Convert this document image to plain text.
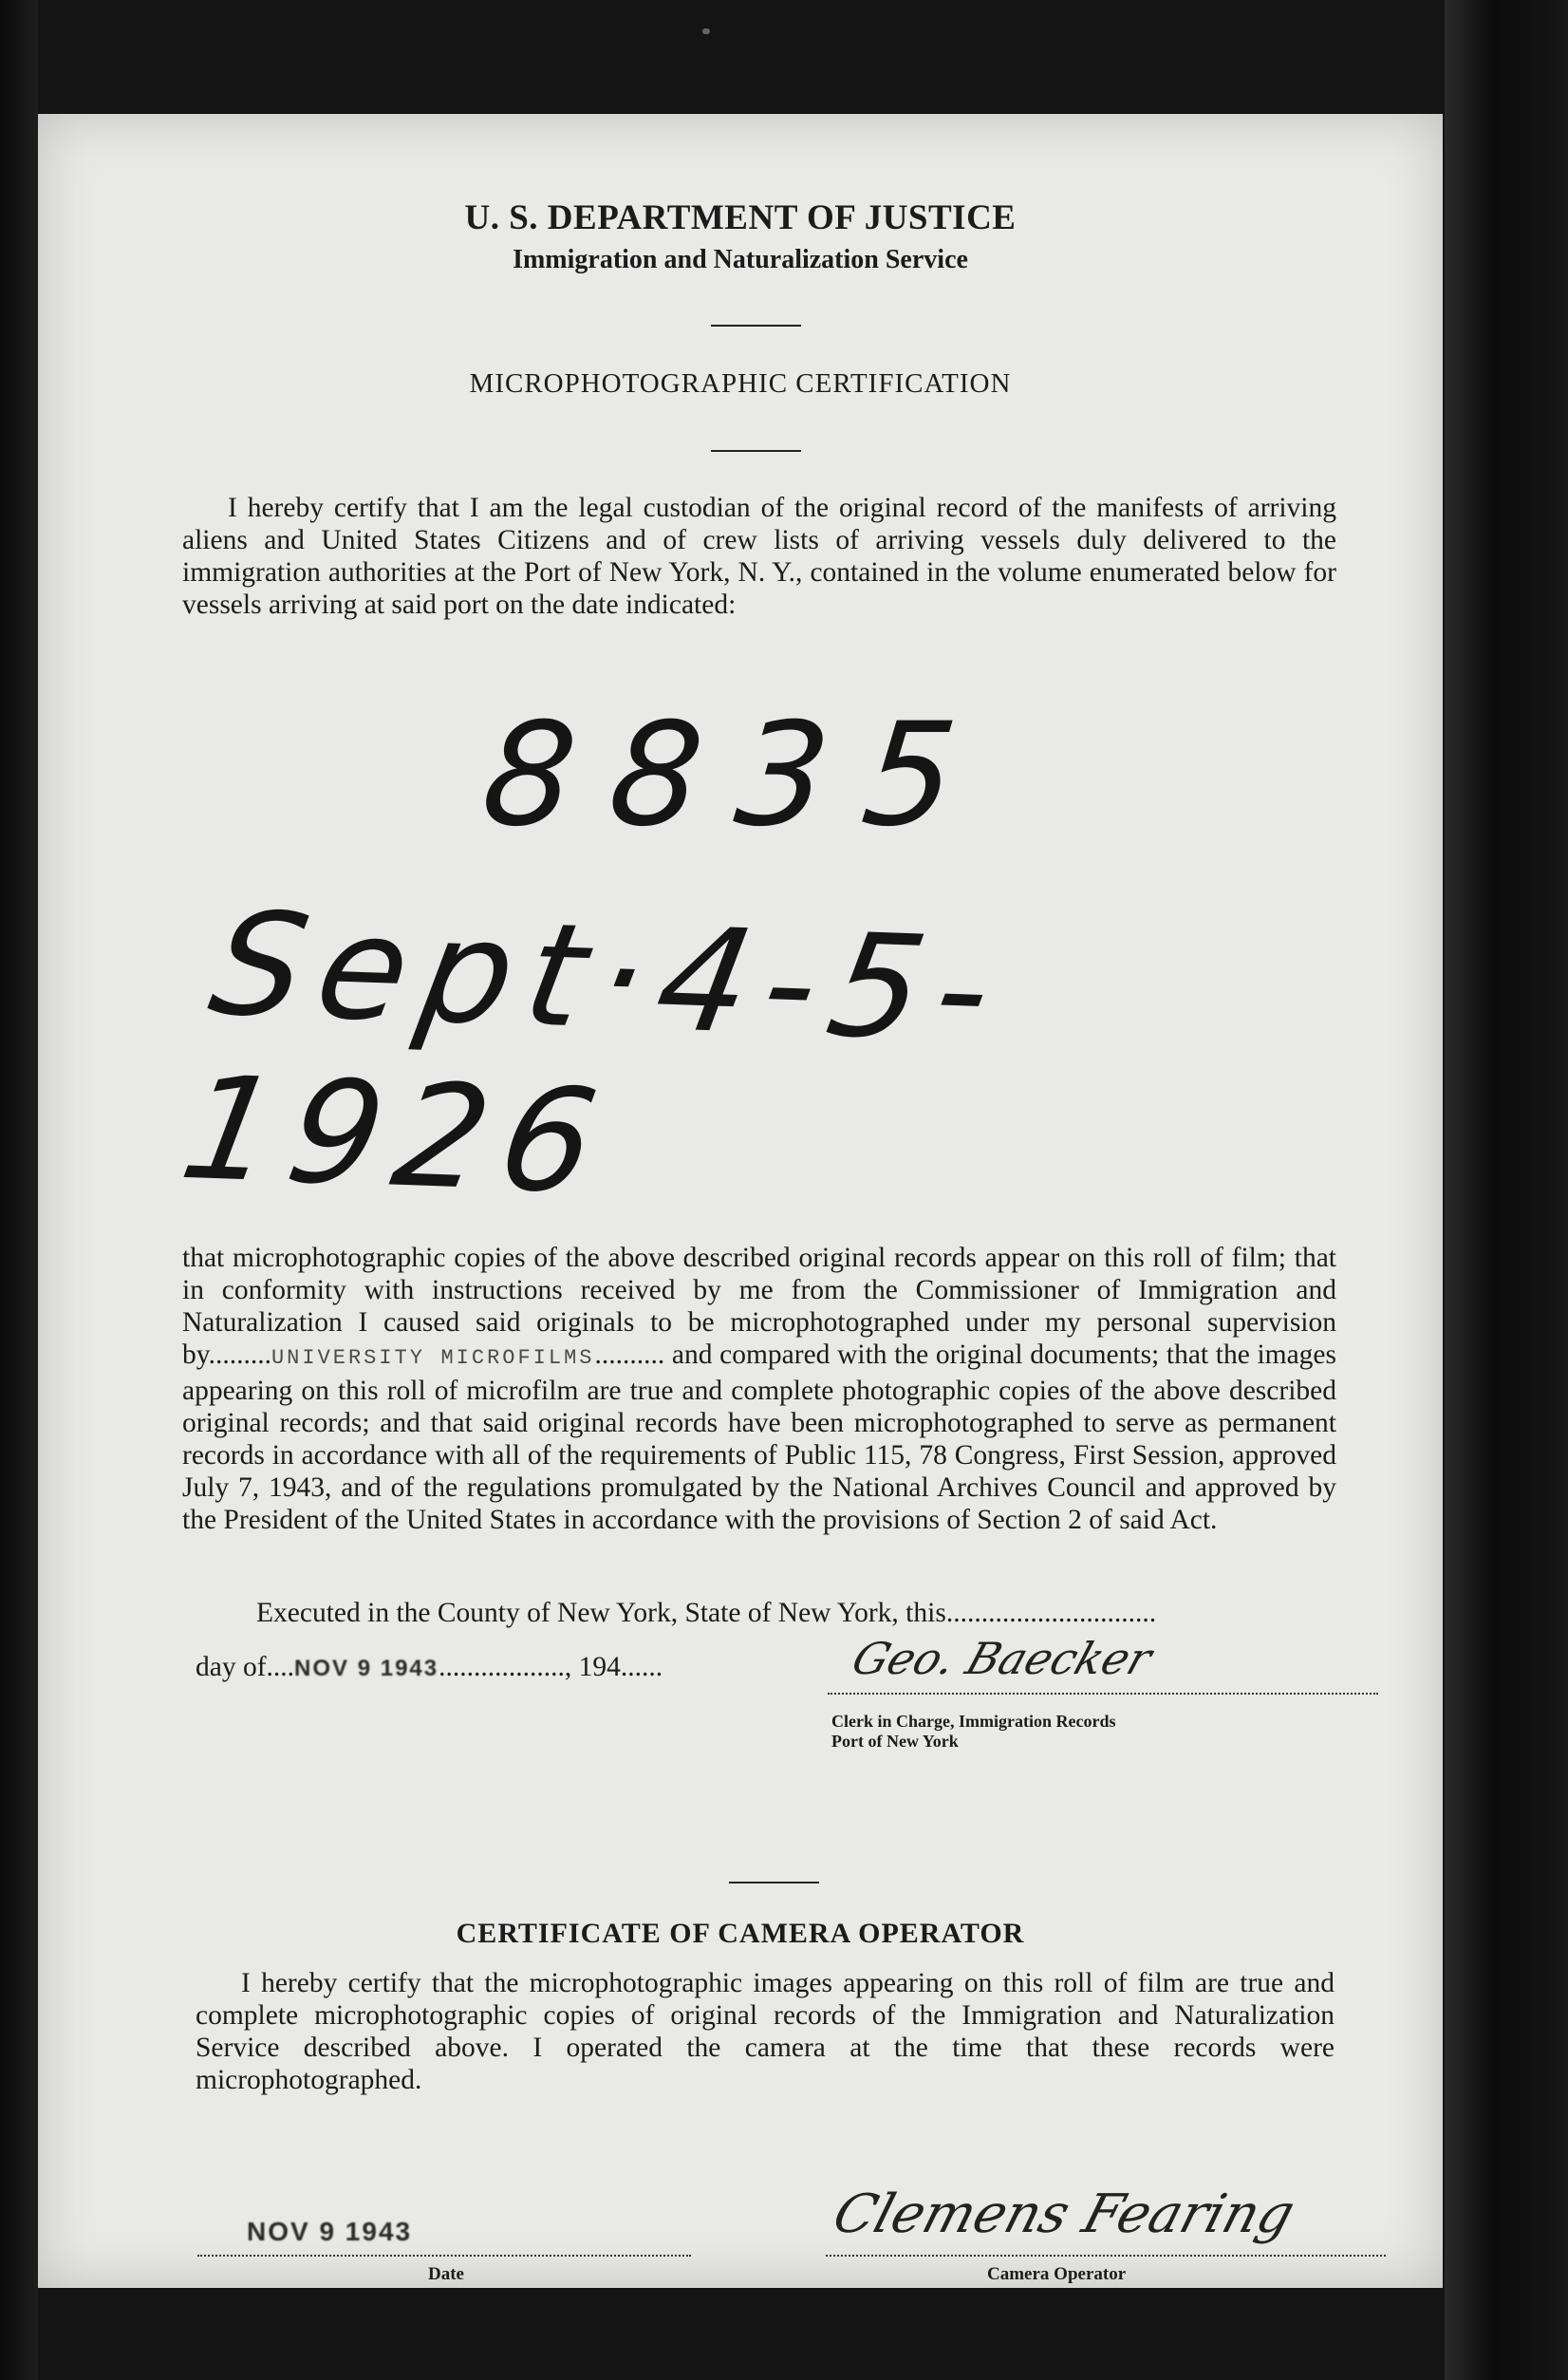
U. S. DEPARTMENT OF JUSTICE
Immigration and Naturalization Service
MICROPHOTOGRAPHIC CERTIFICATION
I hereby certify that I am the legal custodian of the original record of the manifests of arriving aliens and United States Citizens and of crew lists of arriving vessels duly delivered to the immigration authorities at the Port of New York, N. Y., contained in the volume enumerated below for vessels arriving at said port on the date indicated:
8835
Sept·4-5-1926
that microphotographic copies of the above described original records appear on this roll of film; that in conformity with instructions received by me from the Commissioner of Immigration and Naturalization I caused said originals to be microphotographed under my personal supervision by.........UNIVERSITY MICROFILMS.......... and compared with the original documents; that the images appearing on this roll of microfilm are true and complete photographic copies of the above described original records; and that said original records have been microphotographed to serve as permanent records in accordance with all of the requirements of Public 115, 78 Congress, First Session, approved July 7, 1943, and of the regulations promulgated by the National Archives Council and approved by the President of the United States in accordance with the provisions of Section 2 of said Act.
Executed in the County of New York, State of New York, this..............................
day of....NOV 9 1943.................., 194......	Geo. Baecker
Clerk in Charge, Immigration Records
Port of New York
CERTIFICATE OF CAMERA OPERATOR
I hereby certify that the microphotographic images appearing on this roll of film are true and complete microphotographic copies of original records of the Immigration and Naturalization Service described above. I operated the camera at the time that these records were microphotographed.
NOV 9 1943
Date
Clemens Fearing
Camera Operator
